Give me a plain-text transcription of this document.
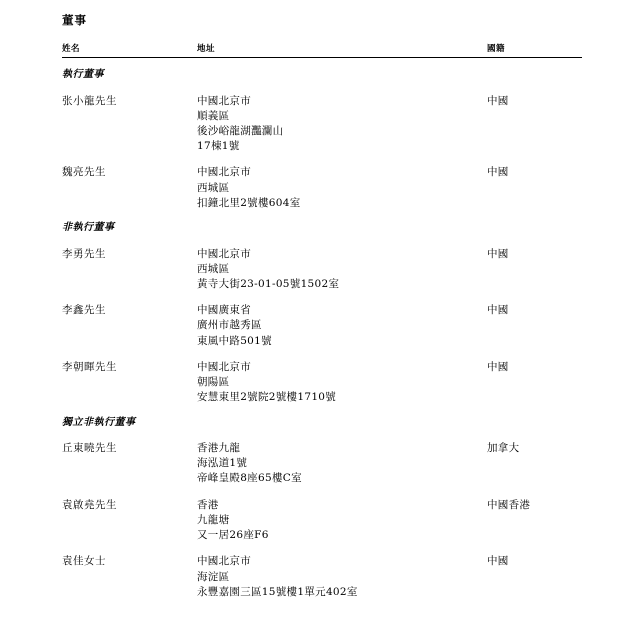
董事
姓名	地址	國籍
執行董事		
张小龍先生	中國北京市
順義區
後沙峪龍湖灩瀾山
17棟1號	中國
魏亮先生	中國北京市
西城區
扣鐘北里2號樓604室	中國
非執行董事		
李勇先生	中國北京市
西城區
黃寺大街23-01-05號1502室	中國
李鑫先生	中國廣東省
廣州市越秀區
東風中路501號	中國
李朝暉先生	中國北京市
朝陽區
安慧東里2號院2號樓1710號	中國
獨立非執行董事		
丘東曉先生	香港九龍
海泓道1號
帝峰皇殿8座65樓C室	加拿大
袁啟堯先生	香港
九龍塘
又一居26座F6	中國香港
袁佳女士	中國北京市
海淀區
永豐嘉園三區15號樓1單元402室	中國
